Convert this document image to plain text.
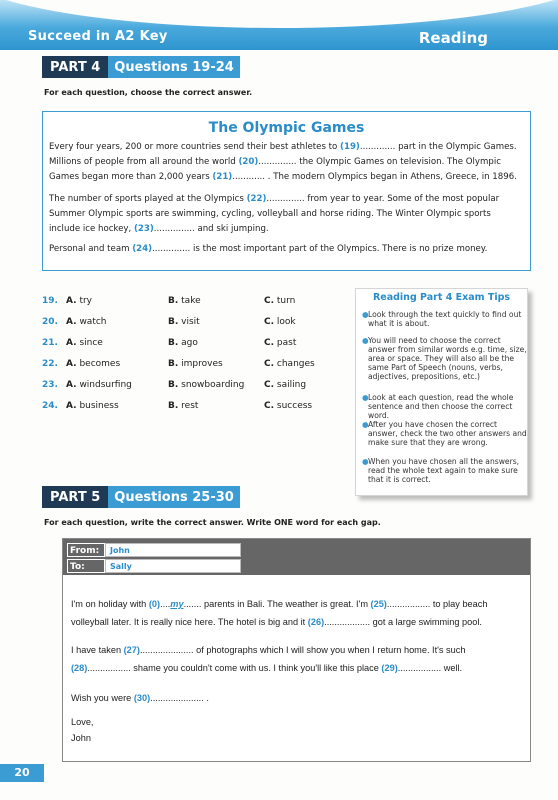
Succeed in A2 Key	Reading
PART 4	Questions 19-24
For each question, choose the correct answer.
The Olympic Games
Every four years, 200 or more countries send their best athletes to (19)............. part in the Olympic Games. Millions of people from all around the world (20).............. the Olympic Games on television. The Olympic Games began more than 2,000 years (21)............ . The modern Olympics began in Athens, Greece, in 1896.
The number of sports played at the Olympics (22).............. from year to year. Some of the most popular Summer Olympic sports are swimming, cycling, volleyball and horse riding. The Winter Olympic sports include ice hockey, (23)............... and ski jumping.
Personal and team (24).............. is the most important part of the Olympics. There is no prize money.
19. A. try	B. take	C. turn
20. A. watch	B. visit	C. look
21. A. since	B. ago	C. past
22. A. becomes	B. improves	C. changes
23. A. windsurfing	B. snowboarding C. sailing
24. A. business	B. rest	C. success
Reading Part 4 Exam Tips
● Look through the text quickly to find out what it is about.
● You will need to choose the correct answer from similar words e.g. time, size, area or space. They will also all be the same Part of Speech (nouns, verbs, adjectives, prepositions, etc.)
● Look at each question, read the whole sentence and then choose the correct word.
● After you have chosen the correct answer, check the two other answers and make sure that they are wrong.
● When you have chosen all the answers, read the whole text again to make sure that it is correct.
PART 5	Questions 25-30
For each question, write the correct answer. Write ONE word for each gap.
From:	John
To:	Sally
I'm on holiday with (0)....my....... parents in Bali. The weather is great. I'm (25)................. to play beach volleyball later. It is really nice here. The hotel is big and it (26).................. got a large swimming pool.
I have taken (27)..................... of photographs which I will show you when I return home. It's such (28)................. shame you couldn't come with us. I think you'll like this place (29)................. well.
Wish you were (30)..................... .
Love,
John
20
